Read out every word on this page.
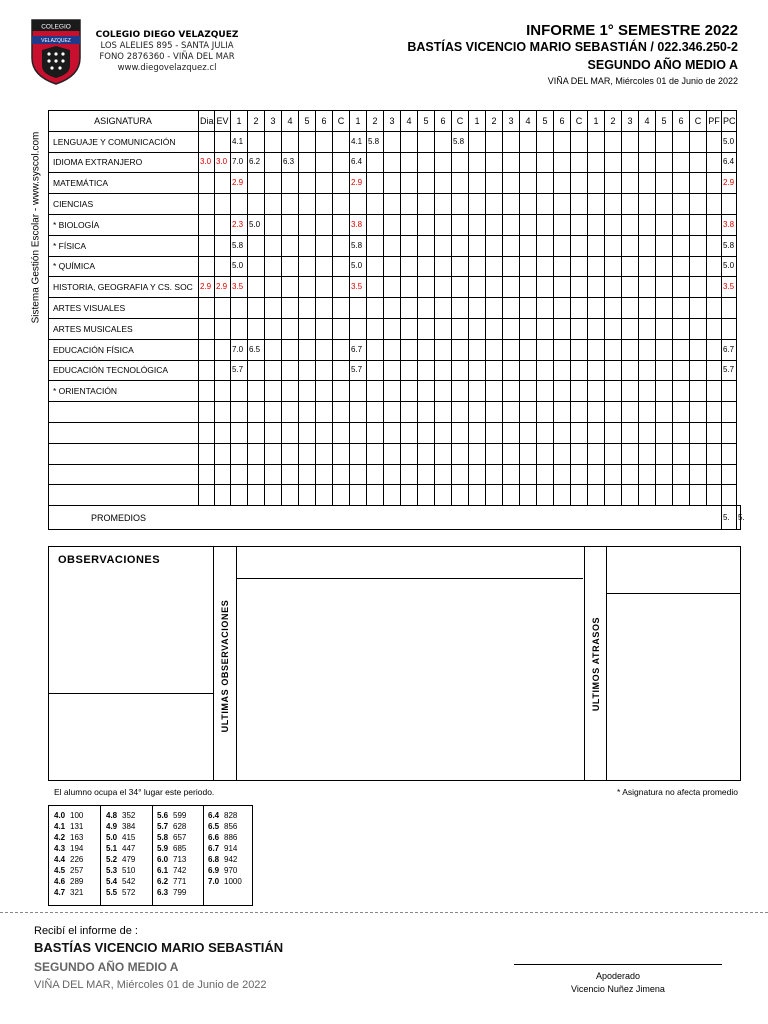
COLEGIO
VELAZQUEZ
COLEGIO DIEGO VELAZQUEZ
LOS ALELIES 895 - SANTA JULIA
FONO 2876360 - VIÑA DEL MAR
www.diegovelazquez.cl
INFORME 1° SEMESTRE 2022
BASTÍAS VICENCIO MARIO SEBASTIÁN / 022.346.250-2
SEGUNDO AÑO MEDIO A
VIÑA DEL MAR, Miércoles 01 de Junio de 2022
Sistema Gestión Escolar - www.syscol.com
ASIGNATURA	Dia	EV	1	2	3	4	5	6	C	1	2	3	4	5	6	C	1	2	3	4	5	6	C	1	2	3	4	5	6	C	PF	PC	
LENGUAJE Y COMUNICACIÓN			4.1							4.1	5.8					5.8																5.0	
IDIOMA EXTRANJERO	3.0	3.0	7.0	6.2		6.3				6.4																						6.4	
MATEMÁTICA			2.9							2.9																						2.9	
CIENCIAS																																	
* BIOLOGÍA			2.3	5.0						3.8																						3.8	
* FÍSICA			5.8							5.8																						5.8	
* QUÍMICA			5.0							5.0																						5.0	
HISTORIA, GEOGRAFIA Y CS. SOC	2.9	2.9	3.5							3.5																						3.5	
ARTES VISUALES																																	
ARTES MUSICALES																																	
EDUCACIÓN FÍSICA			7.0	6.5						6.7																						6.7	
EDUCACIÓN TECNOLÓGICA			5.7							5.7																						5.7	
* ORIENTACIÓN																																	

PROMEDIOS																																5.	5.
OBSERVACIONES
ULTIMAS OBSERVACIONES	ULTIMOS ATRASOS
El alumno ocupa el 34° lugar este periodo.	* Asignatura no afecta promedio
4.0 100
4.1 131
4.2 163
4.3 194
4.4 226
4.5 257
4.6 289
4.7 321
4.8 352
4.9 384
5.0 415
5.1 447
5.2 479
5.3 510
5.4 542
5.5 572
5.6 599
5.7 628
5.8 657
5.9 685
6.0 713
6.1 742
6.2 771
6.3 799
6.4 828
6.5 856
6.6 886
6.7 914
6.8 942
6.9 970
7.0 1000
Recibí el informe de :
BASTÍAS VICENCIO MARIO SEBASTIÁN
SEGUNDO AÑO MEDIO A
VIÑA DEL MAR, Miércoles 01 de Junio de 2022
Apoderado
Vicencio Nuñez Jimena
